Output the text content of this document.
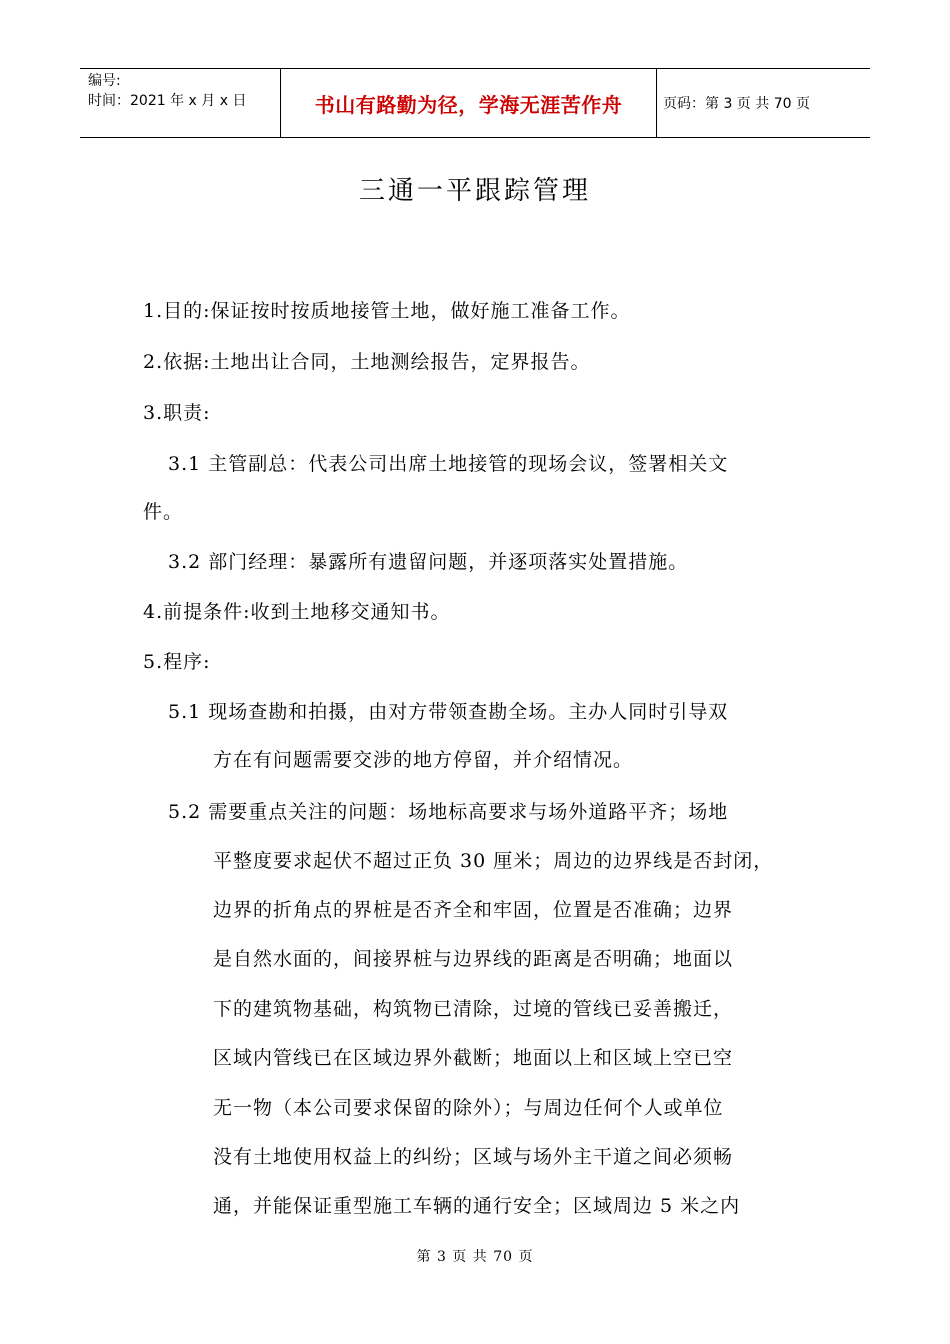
编号:
时间：2021 年 x 月 x 日	书山有路勤为径，学海无涯苦作舟	页码：第 3 页 共 70 页
三通一平跟踪管理
1.目的:保证按时按质地接管土地，做好施工准备工作。
2.依据:土地出让合同，土地测绘报告，定界报告。
3.职责:
3.1 主管副总：代表公司出席土地接管的现场会议，签署相关文
件。
3.2 部门经理：暴露所有遗留问题，并逐项落实处置措施。
4.前提条件:收到土地移交通知书。
5.程序:
5.1 现场查勘和拍摄，由对方带领查勘全场。主办人同时引导双
方在有问题需要交涉的地方停留，并介绍情况。
5.2 需要重点关注的问题：场地标高要求与场外道路平齐；场地
平整度要求起伏不超过正负 30 厘米；周边的边界线是否封闭，
边界的折角点的界桩是否齐全和牢固，位置是否准确；边界
是自然水面的，间接界桩与边界线的距离是否明确；地面以
下的建筑物基础，构筑物已清除，过境的管线已妥善搬迁，
区域内管线已在区域边界外截断；地面以上和区域上空已空
无一物（本公司要求保留的除外）；与周边任何个人或单位
没有土地使用权益上的纠纷；区域与场外主干道之间必须畅
通，并能保证重型施工车辆的通行安全；区域周边 5 米之内
第 3 页 共 70 页
